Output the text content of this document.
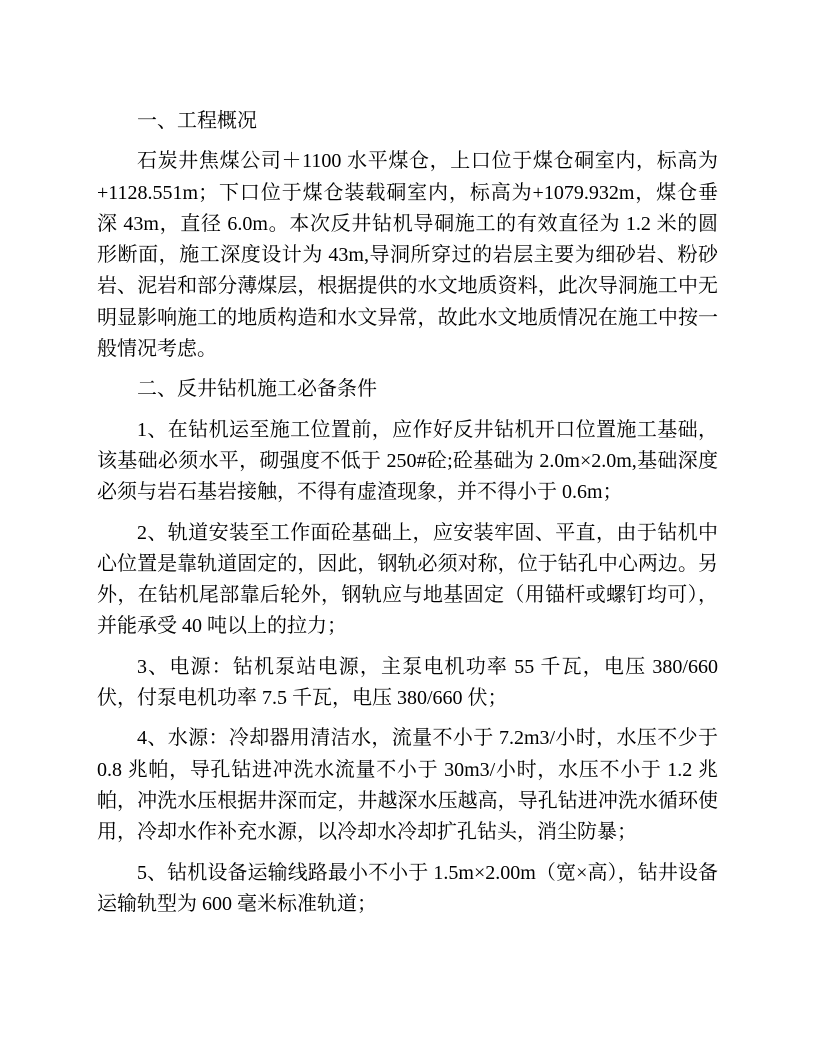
一、工程概况

石炭井焦煤公司＋1100 水平煤仓，上口位于煤仓硐室内，标高为+1128.551m；下口位于煤仓装载硐室内，标高为+1079.932m，煤仓垂深 43m，直径 6.0m。本次反井钻机导硐施工的有效直径为 1.2 米的圆形断面，施工深度设计为 43m,导洞所穿过的岩层主要为细砂岩、粉砂岩、泥岩和部分薄煤层，根据提供的水文地质资料，此次导洞施工中无明显影响施工的地质构造和水文异常，故此水文地质情况在施工中按一般情况考虑。

二、反井钻机施工必备条件

1、在钻机运至施工位置前，应作好反井钻机开口位置施工基础，该基础必须水平，砌强度不低于 250#砼;砼基础为 2.0m×2.0m,基础深度必须与岩石基岩接触，不得有虚渣现象，并不得小于 0.6m；

2、轨道安装至工作面砼基础上，应安装牢固、平直，由于钻机中心位置是靠轨道固定的，因此，钢轨必须对称，位于钻孔中心两边。另外，在钻机尾部靠后轮外，钢轨应与地基固定（用锚杆或螺钉均可），并能承受 40 吨以上的拉力；

3、电源：钻机泵站电源，主泵电机功率 55 千瓦，电压 380/660 伏，付泵电机功率 7.5 千瓦，电压 380/660 伏；

4、水源：冷却器用清洁水，流量不小于 7.2m3/小时，水压不少于 0.8 兆帕，导孔钻进冲洗水流量不小于 30m3/小时，水压不小于 1.2 兆帕，冲洗水压根据井深而定，井越深水压越高，导孔钻进冲洗水循环使用，冷却水作补充水源，以冷却水冷却扩孔钻头，消尘防暴；

5、钻机设备运输线路最小不小于 1.5m×2.00m（宽×高），钻井设备运输轨型为 600 毫米标准轨道；
